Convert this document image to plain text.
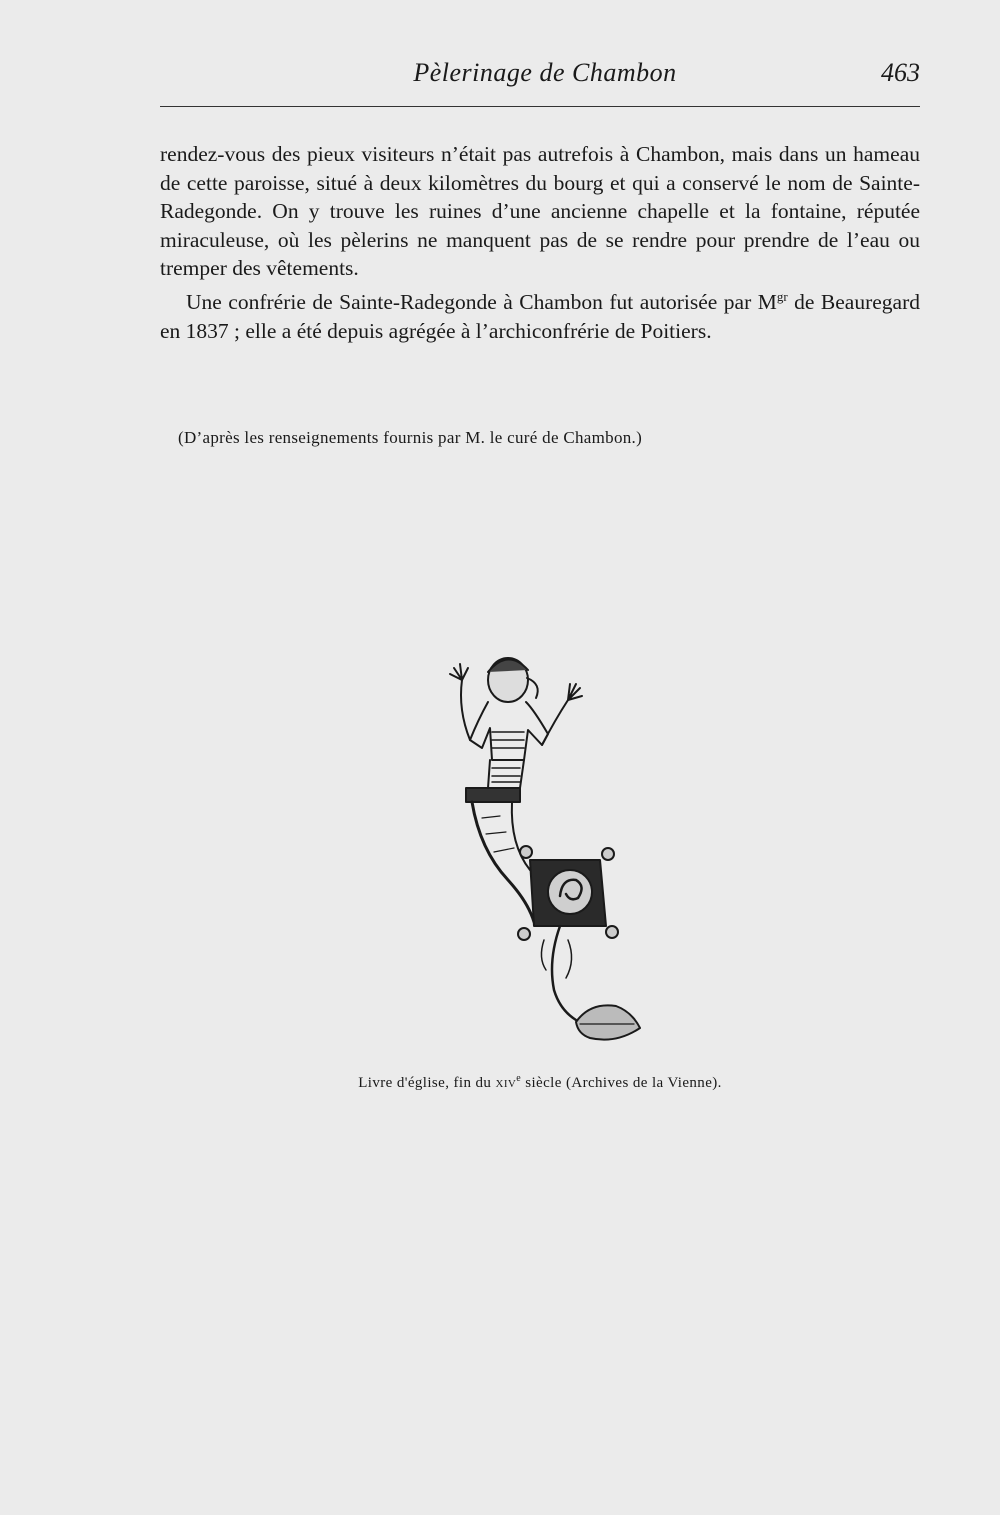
Pèlerinage de Chambon	463

rendez-vous des pieux visiteurs n’était pas autrefois à Chambon, mais dans un hameau de cette paroisse, situé à deux kilomètres du bourg et qui a conservé le nom de Sainte-Radegonde. On y trouve les ruines d’une ancienne chapelle et la fontaine, réputée miraculeuse, où les pèlerins ne manquent pas de se rendre pour prendre de l’eau ou tremper des vêtements.

Une confrérie de Sainte-Radegonde à Chambon fut autorisée par $M^{gr}$ de Beauregard en 1837 ; elle a été depuis agrégée à l’archiconfrérie de Poitiers.

(D’après les renseignements fournis par M. le curé de Chambon.)
Livre d'église, fin du xiv$^e$ siècle (Archives de la Vienne).
